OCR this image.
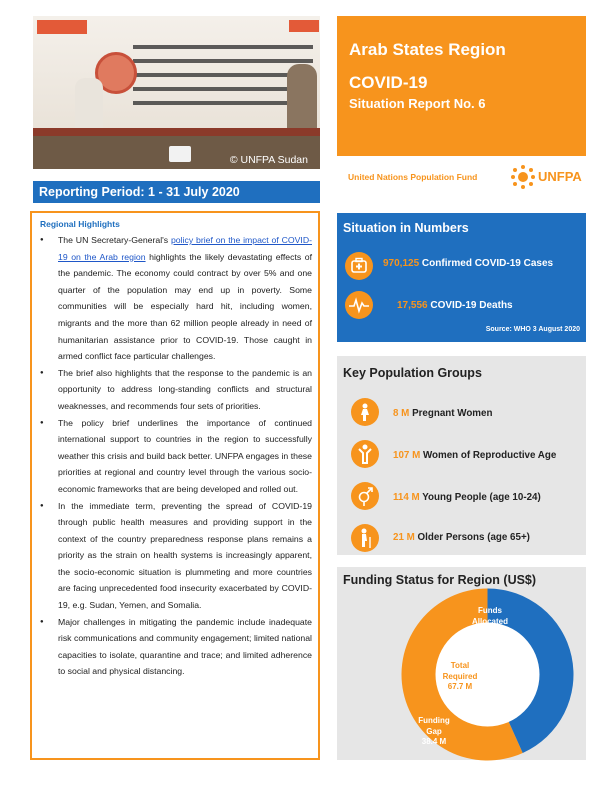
© UNFPA Sudan
Reporting Period: 1 - 31 July 2020
Arab States Region
COVID-19
Situation Report No. 6
United Nations Population Fund	UNFPA
Regional Highlights
● The UN Secretary-General's policy brief on the impact of COVID-19 on the Arab region highlights the likely devastating effects of the pandemic. The economy could contract by over 5% and one quarter of the population may end up in poverty. Some communities will be especially hard hit, including women, migrants and the more than 62 million people already in need of humanitarian assistance prior to COVID-19. Those caught in armed conflict face particular challenges.
● The brief also highlights that the response to the pandemic is an opportunity to address long-standing conflicts and structural weaknesses, and recommends four sets of priorities.
● The policy brief underlines the importance of continued international support to countries in the region to successfully weather this crisis and build back better. UNFPA engages in these priorities at regional and country level through the various socio-economic frameworks that are being developed and rolled out.
● In the immediate term, preventing the spread of COVID-19 through public health measures and providing support in the context of the country preparedness response plans remains a priority as the strain on health systems is increasingly apparent, the socio-economic situation is plummeting and more countries are facing unprecedented food insecurity exacerbated by COVID-19, e.g. Sudan, Yemen, and Somalia.
● Major challenges in mitigating the pandemic include inadequate risk communications and community engagement; limited national capacities to isolate, quarantine and trace; and limited adherence to social and physical distancing.
Situation in Numbers
970,125 Confirmed COVID-19 Cases
17,556 COVID-19 Deaths
Source: WHO 3 August 2020
Key Population Groups
8 M Pregnant Women
107 M Women of Reproductive Age
114 M Young People (age 10-24)
21 M Older Persons (age 65+)
Funding Status for Region (US$)
Funds
Allocated
29.3 M
Total
Required
67.7 M
Funding
Gap
38.4 M
